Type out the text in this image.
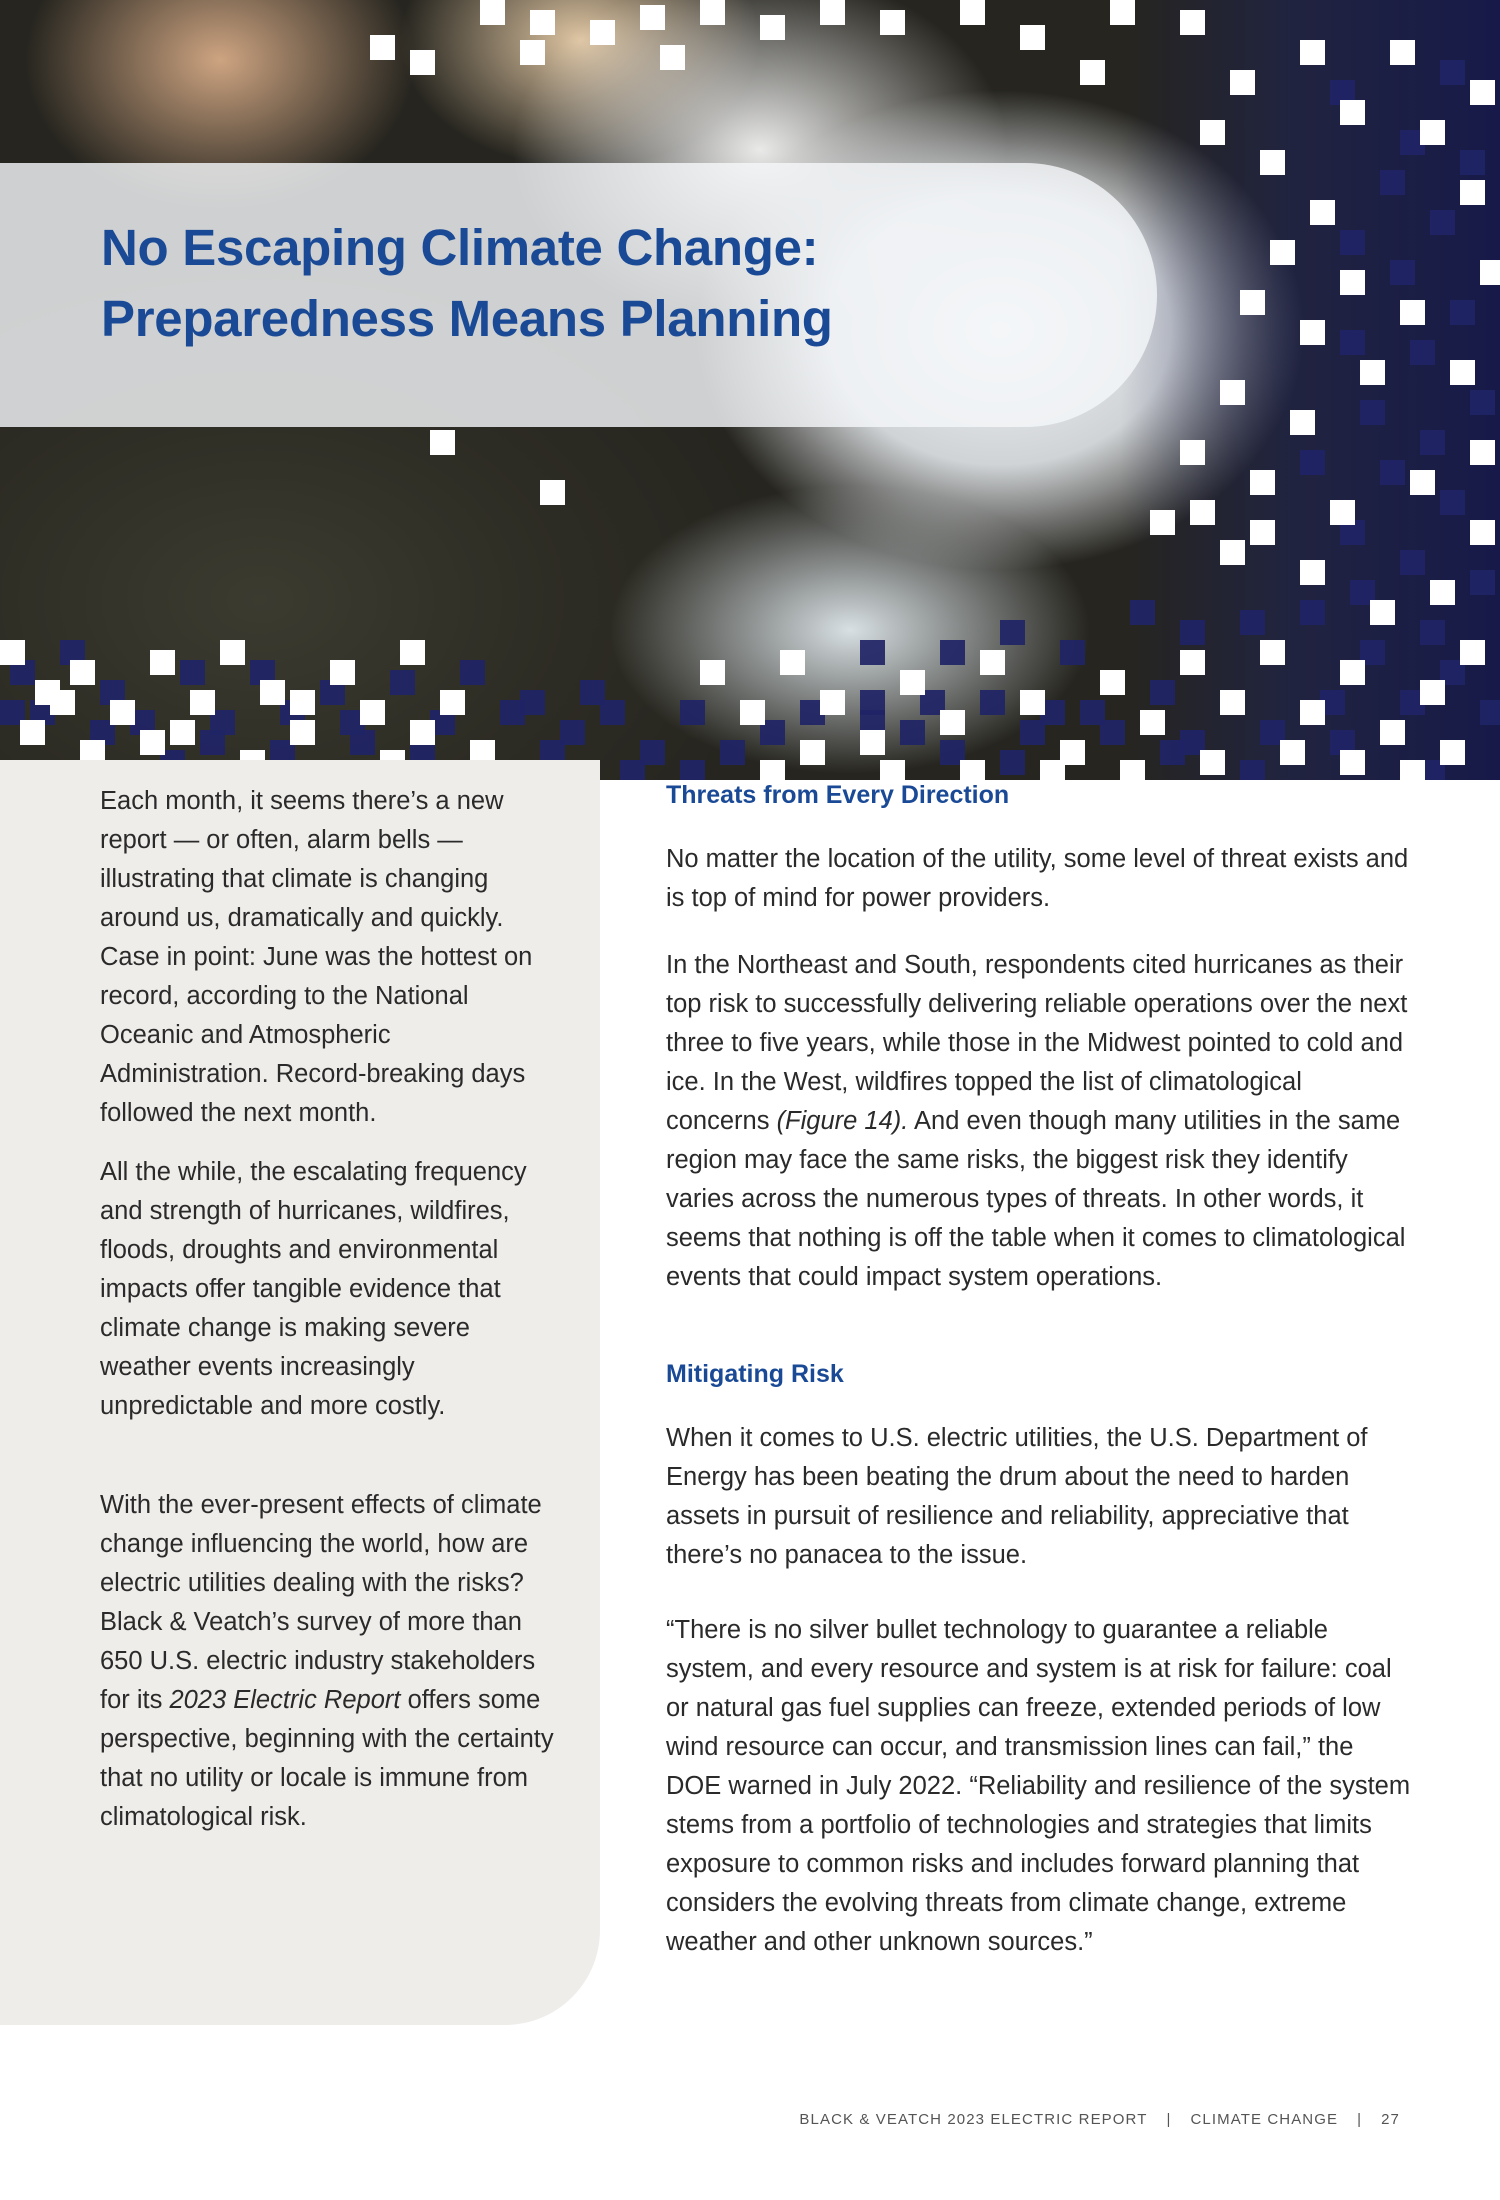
No Escaping Climate Change:
Preparedness Means Planning

Each month, it seems there’s a new report — or often, alarm bells — illustrating that climate is changing around us, dramatically and quickly. Case in point: June was the hottest on record, according to the National Oceanic and Atmospheric Administration. Record-breaking days followed the next month.

All the while, the escalating frequency and strength of hurricanes, wildfires, floods, droughts and environmental impacts offer tangible evidence that climate change is making severe weather events increasingly unpredictable and more costly.

With the ever-present effects of climate change influencing the world, how are electric utilities dealing with the risks? Black & Veatch’s survey of more than 650 U.S. electric industry stakeholders for its 2023 Electric Report offers some perspective, beginning with the certainty that no utility or locale is immune from climatological risk.

Threats from Every Direction

No matter the location of the utility, some level of threat exists and is top of mind for power providers.

In the Northeast and South, respondents cited hurricanes as their top risk to successfully delivering reliable operations over the next three to five years, while those in the Midwest pointed to cold and ice. In the West, wildfires topped the list of climatological concerns (Figure 14). And even though many utilities in the same region may face the same risks, the biggest risk they identify varies across the numerous types of threats. In other words, it seems that nothing is off the table when it comes to climatological events that could impact system operations.

Mitigating Risk

When it comes to U.S. electric utilities, the U.S. Department of Energy has been beating the drum about the need to harden assets in pursuit of resilience and reliability, appreciative that there’s no panacea to the issue.

“There is no silver bullet technology to guarantee a reliable system, and every resource and system is at risk for failure: coal or natural gas fuel supplies can freeze, extended periods of low wind resource can occur, and transmission lines can fail,” the DOE warned in July 2022. “Reliability and resilience of the system stems from a portfolio of technologies and strategies that limits exposure to common risks and includes forward planning that considers the evolving threats from climate change, extreme weather and other unknown sources.”

BLACK & VEATCH 2023 ELECTRIC REPORT | CLIMATE CHANGE | 27
